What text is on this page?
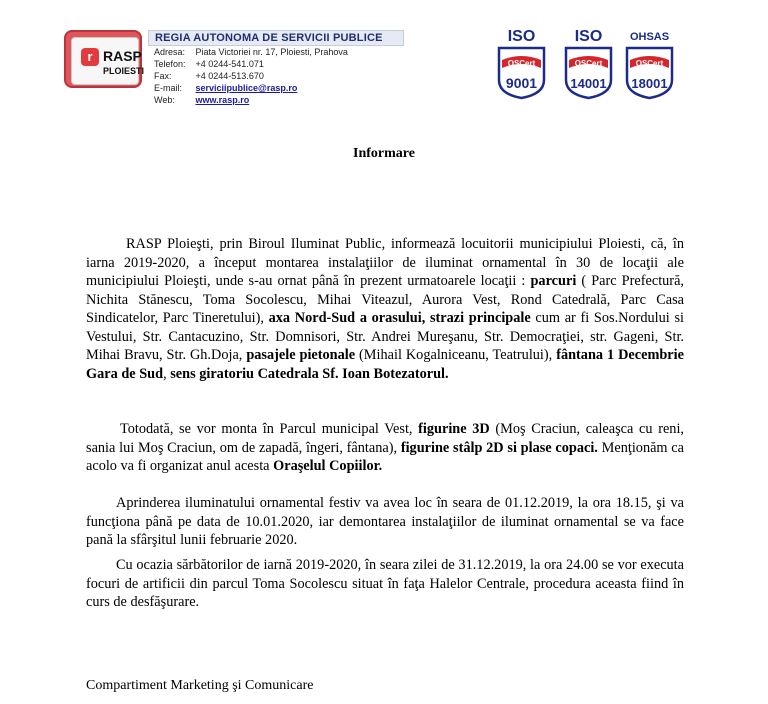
r RASP
PLOIESTI
REGIA AUTONOMA DE SERVICII PUBLICE
Adresa: Piata Victoriei nr. 17, Ploiesti, Prahova
Telefon: +4 0244-541.071
Fax:	+4 0244-513.670
E-mail: serviciipublice@rasp.ro
Web: www.rasp.ro
ISO
QSCert
9001
ISO
QSCert
14001
OHSAS
QSCert
18001
Informare
RASP Ploieşti, prin Biroul Iluminat Public, informează locuitorii municipiului Ploiesti, că, în iarna 2019-2020, a început montarea instalaţiilor de iluminat ornamental în 30 de locaţii ale municipiului Ploieşti, unde s-au ornat până în prezent urmatoarele locaţii : parcuri ( Parc Prefectură, Nichita Stănescu, Toma Socolescu, Mihai Viteazul, Aurora Vest, Rond Catedrală, Parc Casa Sindicatelor, Parc Tineretului), axa Nord-Sud a orasului, strazi principale cum ar fi Sos.Nordului si Vestului, Str. Cantacuzino, Str. Domnisori, Str. Andrei Mureşanu, Str. Democraţiei, str. Gageni, Str. Mihai Bravu, Str. Gh.Doja, pasajele pietonale (Mihail Kogalniceanu, Teatrului), fântana 1 Decembrie Gara de Sud, sens giratoriu Catedrala Sf. Ioan Botezatorul.
Totodată, se vor monta în Parcul municipal Vest, figurine 3D (Moş Craciun, caleaşca cu reni, sania lui Moş Craciun, om de zapadă, îngeri, fântana), figurine stâlp 2D si plase copaci. Menţionăm ca acolo va fi organizat anul acesta Oraşelul Copiilor.
Aprinderea iluminatului ornamental festiv va avea loc în seara de 01.12.2019, la ora 18.15, şi va funcţiona până pe data de 10.01.2020, iar demontarea instalaţiilor de iluminat ornamental se va face pană la sfârşitul lunii februarie 2020.
Cu ocazia sărbătorilor de iarnă 2019-2020, în seara zilei de 31.12.2019, la ora 24.00 se vor executa focuri de artificii din parcul Toma Socolescu situat în faţa Halelor Centrale, procedura aceasta fiind în curs de desfăşurare.
Compartiment Marketing şi Comunicare
